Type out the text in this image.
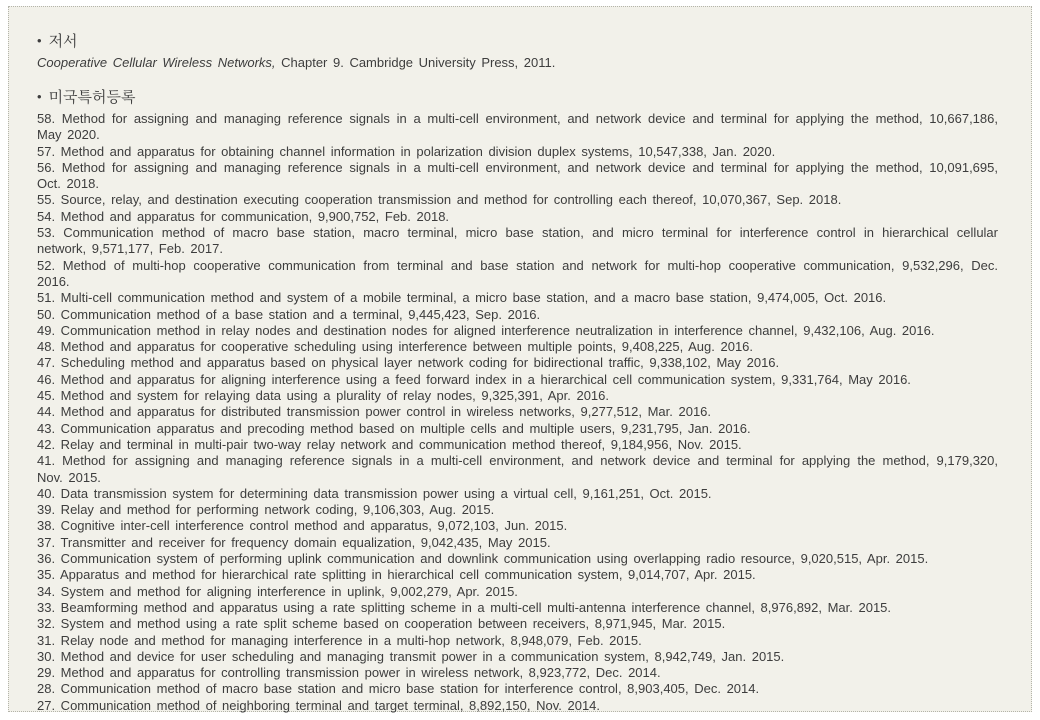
• 저서

Cooperative Cellular Wireless Networks, Chapter 9. Cambridge University Press, 2011.

• 미국특허등록

58. Method for assigning and managing reference signals in a multi-cell environment, and network device and terminal for applying the method, 10,667,186, May 2020.

57. Method and apparatus for obtaining channel information in polarization division duplex systems, 10,547,338, Jan. 2020.

56. Method for assigning and managing reference signals in a multi-cell environment, and network device and terminal for applying the method, 10,091,695, Oct. 2018.

55. Source, relay, and destination executing cooperation transmission and method for controlling each thereof, 10,070,367, Sep. 2018.

54. Method and apparatus for communication, 9,900,752, Feb. 2018.

53. Communication method of macro base station, macro terminal, micro base station, and micro terminal for interference control in hierarchical cellular network, 9,571,177, Feb. 2017.

52. Method of multi-hop cooperative communication from terminal and base station and network for multi-hop cooperative communication, 9,532,296, Dec. 2016.

51. Multi-cell communication method and system of a mobile terminal, a micro base station, and a macro base station, 9,474,005, Oct. 2016.

50. Communication method of a base station and a terminal, 9,445,423, Sep. 2016.

49. Communication method in relay nodes and destination nodes for aligned interference neutralization in interference channel, 9,432,106, Aug. 2016.

48. Method and apparatus for cooperative scheduling using interference between multiple points, 9,408,225, Aug. 2016.

47. Scheduling method and apparatus based on physical layer network coding for bidirectional traffic, 9,338,102, May 2016.

46. Method and apparatus for aligning interference using a feed forward index in a hierarchical cell communication system, 9,331,764, May 2016.

45. Method and system for relaying data using a plurality of relay nodes, 9,325,391, Apr. 2016.

44. Method and apparatus for distributed transmission power control in wireless networks, 9,277,512, Mar. 2016.

43. Communication apparatus and precoding method based on multiple cells and multiple users, 9,231,795, Jan. 2016.

42. Relay and terminal in multi-pair two-way relay network and communication method thereof, 9,184,956, Nov. 2015.

41. Method for assigning and managing reference signals in a multi-cell environment, and network device and terminal for applying the method, 9,179,320, Nov. 2015.

40. Data transmission system for determining data transmission power using a virtual cell, 9,161,251, Oct. 2015.

39. Relay and method for performing network coding, 9,106,303, Aug. 2015.

38. Cognitive inter-cell interference control method and apparatus, 9,072,103, Jun. 2015.

37. Transmitter and receiver for frequency domain equalization, 9,042,435, May 2015.

36. Communication system of performing uplink communication and downlink communication using overlapping radio resource, 9,020,515, Apr. 2015.

35. Apparatus and method for hierarchical rate splitting in hierarchical cell communication system, 9,014,707, Apr. 2015.

34. System and method for aligning interference in uplink, 9,002,279, Apr. 2015.

33. Beamforming method and apparatus using a rate splitting scheme in a multi-cell multi-antenna interference channel, 8,976,892, Mar. 2015.

32. System and method using a rate split scheme based on cooperation between receivers, 8,971,945, Mar. 2015.

31. Relay node and method for managing interference in a multi-hop network, 8,948,079, Feb. 2015.

30. Method and device for user scheduling and managing transmit power in a communication system, 8,942,749, Jan. 2015.

29. Method and apparatus for controlling transmission power in wireless network, 8,923,772, Dec. 2014.

28. Communication method of macro base station and micro base station for interference control, 8,903,405, Dec. 2014.

27. Communication method of neighboring terminal and target terminal, 8,892,150, Nov. 2014.
